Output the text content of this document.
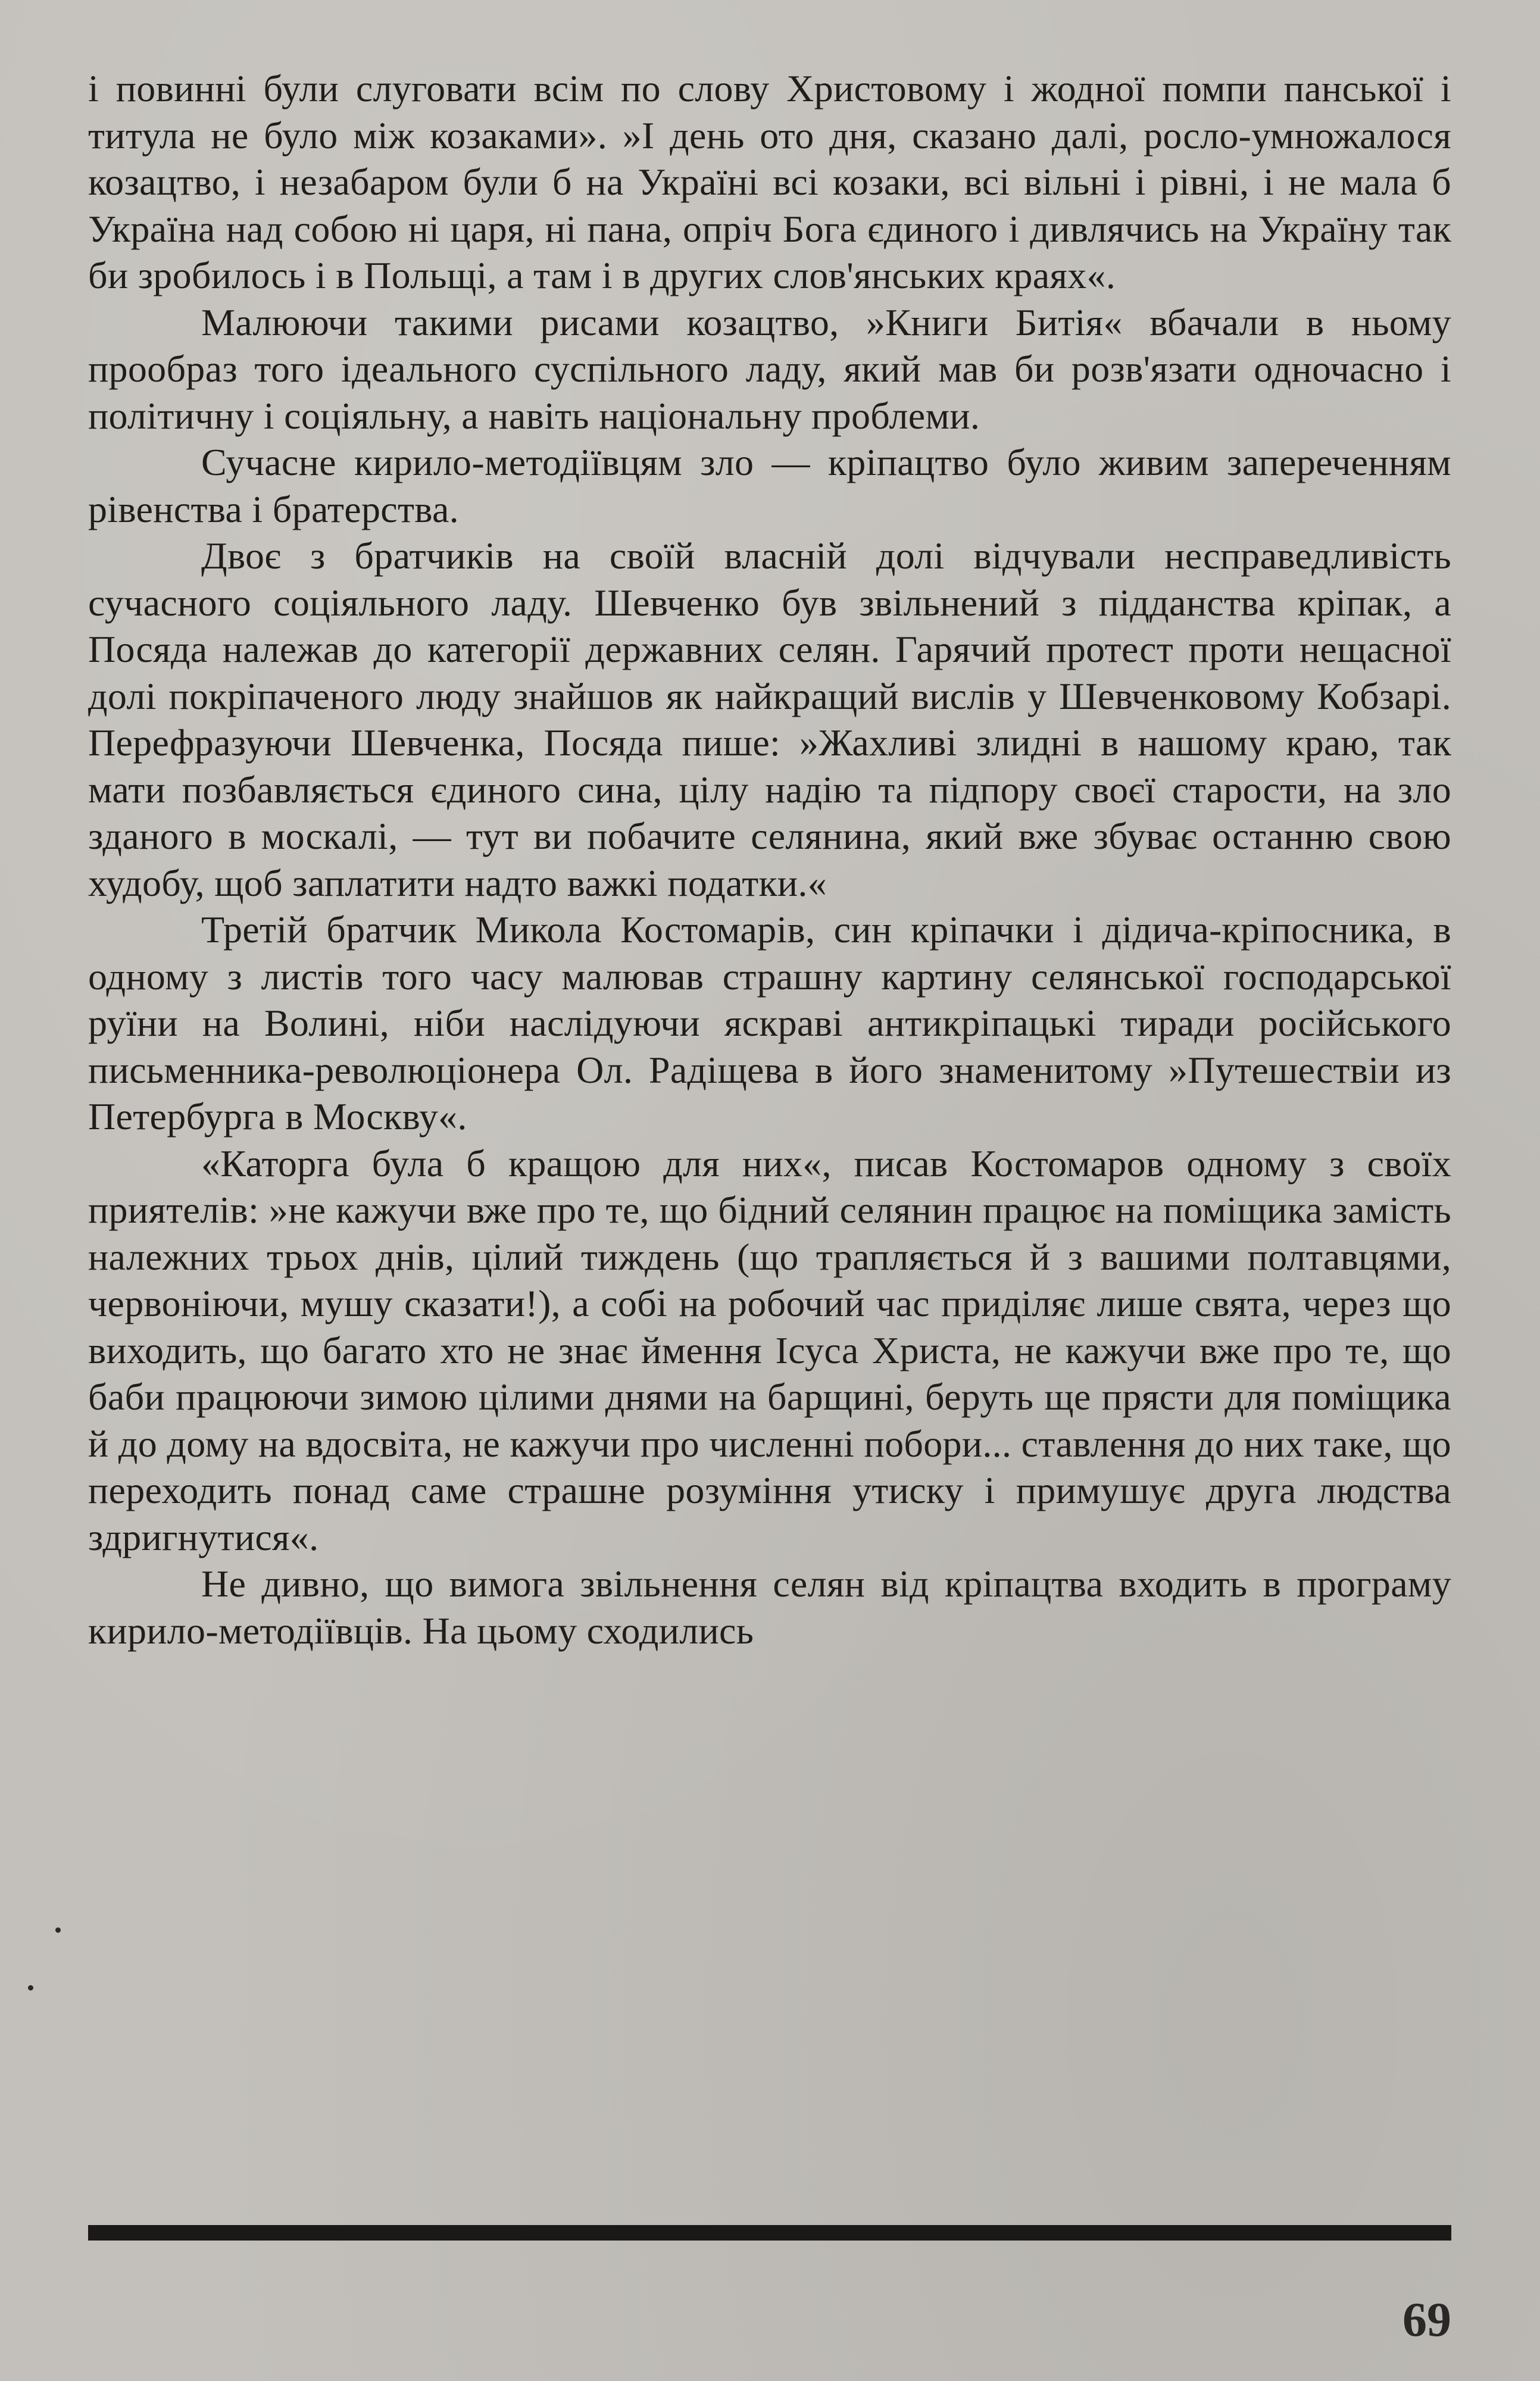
і повинні були слуговати всім по слову Христовому і жодної помпи панської і титула не було між козаками». »І день ото дня, сказано далі, росло-умножалося козацтво, і незабаром були б на Україні всі козаки, всі вільні і рівні, і не мала б Україна над собою ні царя, ні пана, опріч Бога єдиного і дивлячись на Україну так би зробилось і в Польщі, а там і в других слов'янських краях«.

Малюючи такими рисами козацтво, »Книги Битія« вбачали в ньому прообраз того ідеального суспільного ладу, який мав би розв'язати одночасно і політичну і соціяльну, а навіть національну проблеми.

Сучасне кирило-методіївцям зло — кріпацтво було живим запереченням рівенства і братерства.

Двоє з братчиків на своїй власній долі відчували несправедливість сучасного соціяльного ладу. Шевченко був звільнений з підданства кріпак, а Посяда належав до категорії державних селян. Гарячий протест проти нещасної долі покріпаченого люду знайшов як найкращий вислів у Шевченковому Кобзарі. Перефразуючи Шевченка, Посяда пише: »Жахливі злидні в нашому краю, так мати позбавляється єдиного сина, цілу надію та підпору своєї старости, на зло зданого в москалі, — тут ви побачите селянина, який вже збуває останню свою худобу, щоб заплатити надто важкі податки.«

Третій братчик Микола Костомарів, син кріпачки і дідича-кріпосника, в одному з листів того часу малював страшну картину селянської господарської руїни на Волині, ніби наслідуючи яскраві антикріпацькі тиради російського письменника-революціонера Ол. Радіщева в його знаменитому »Путешествіи из Петербурга в Москву«.

«Каторга була б кращою для них«, писав Костомаров одному з своїх приятелів: »не кажучи вже про те, що бідний селянин працює на поміщика замість належних трьох днів, цілий тиждень (що трапляється й з вашими полтавцями, червоніючи, мушу сказати!), а собі на робочий час приділяє лише свята, через що виходить, що багато хто не знає ймення Ісуса Христа, не кажучи вже про те, що баби працюючи зимою цілими днями на барщині, беруть ще прясти для поміщика й до дому на вдосвіта, не кажучи про численні побори... ставлення до них таке, що переходить понад саме страшне розуміння утиску і примушує друга людства здригнутися«.

Не дивно, що вимога звільнення селян від кріпацтва входить в програму кирило-методіївців. На цьому сходились

69
